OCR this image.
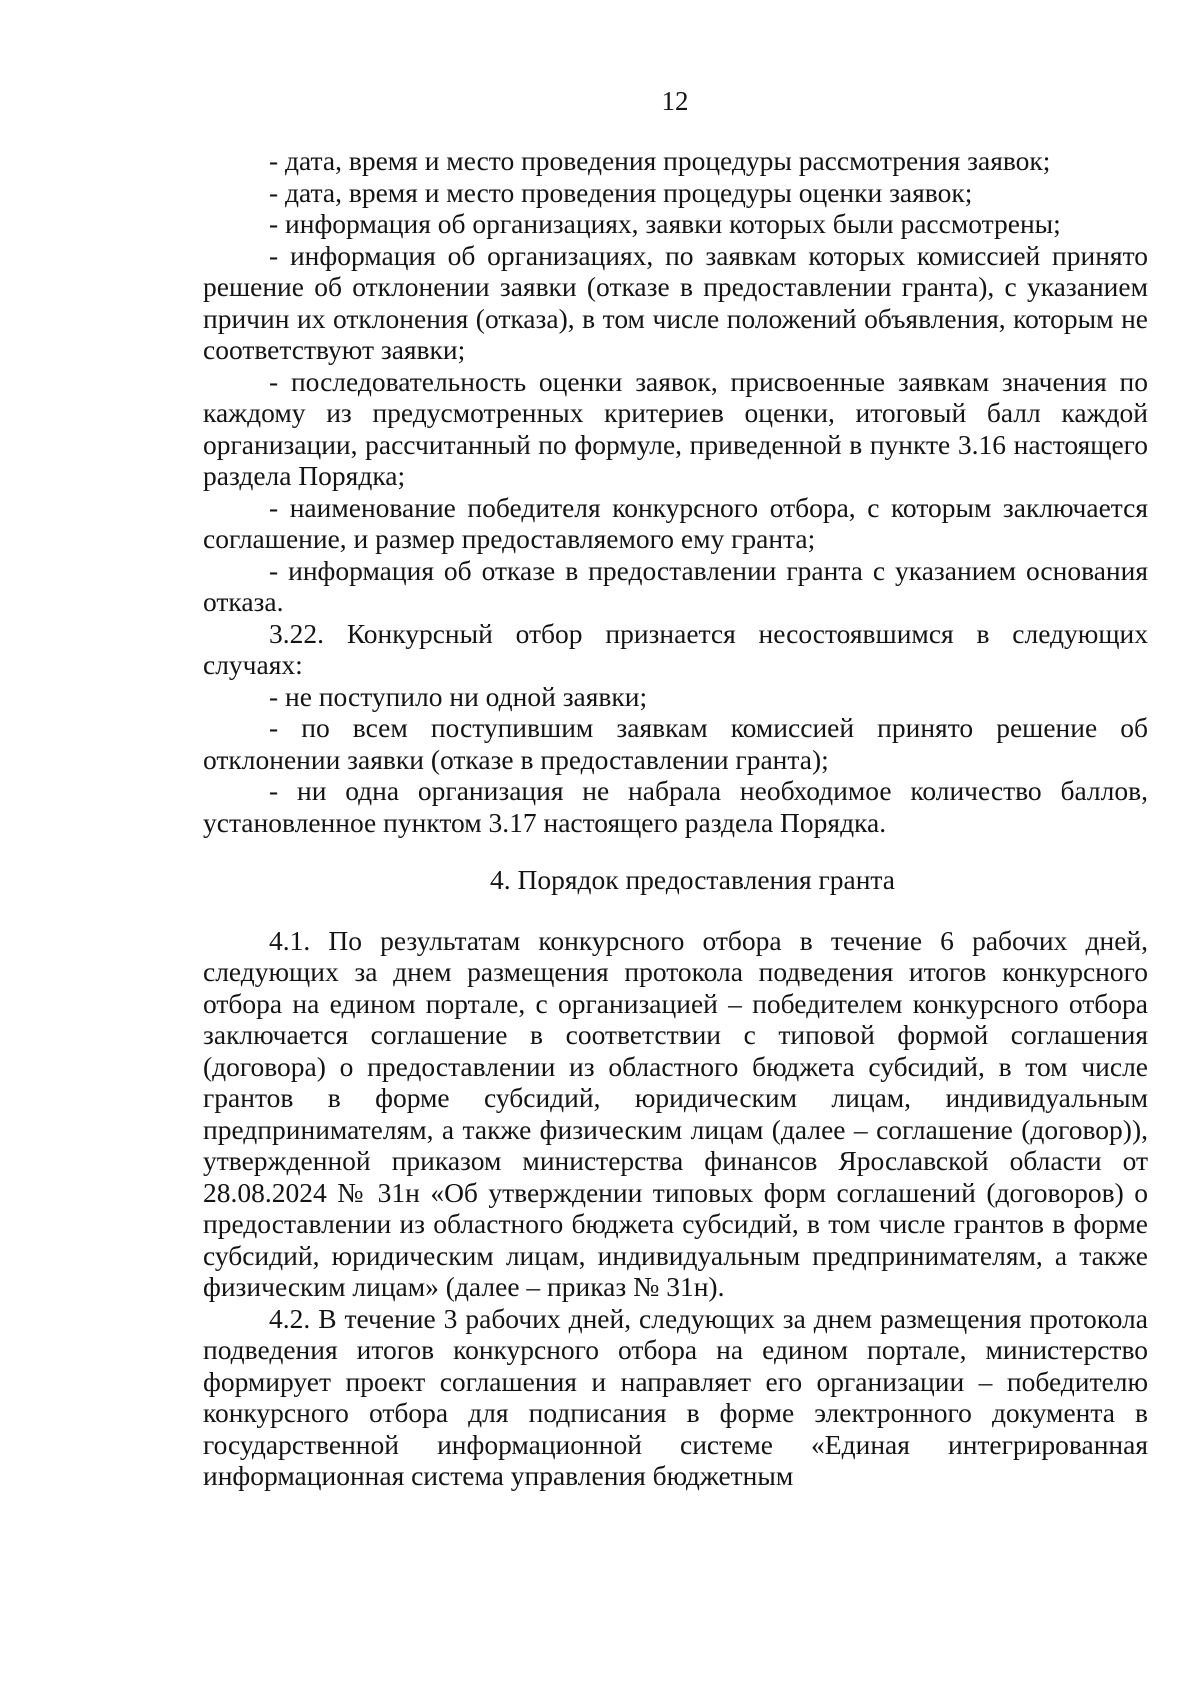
12

- дата, время и место проведения процедуры рассмотрения заявок;

- дата, время и место проведения процедуры оценки заявок;

- информация об организациях, заявки которых были рассмотрены;

- информация об организациях, по заявкам которых комиссией принято решение об отклонении заявки (отказе в предоставлении гранта), с указанием причин их отклонения (отказа), в том числе положений объявления, которым не соответствуют заявки;

- последовательность оценки заявок, присвоенные заявкам значения по каждому из предусмотренных критериев оценки, итоговый балл каждой организации, рассчитанный по формуле, приведенной в пункте 3.16 настоящего раздела Порядка;

- наименование победителя конкурсного отбора, с которым заключается соглашение, и размер предоставляемого ему гранта;

- информация об отказе в предоставлении гранта с указанием основания отказа.

3.22. Конкурсный отбор признается несостоявшимся в следующих случаях:

- не поступило ни одной заявки;

- по всем поступившим заявкам комиссией принято решение об отклонении заявки (отказе в предоставлении гранта);

- ни одна организация не набрала необходимое количество баллов, установленное пунктом 3.17 настоящего раздела Порядка.

4. Порядок предоставления гранта

4.1. По результатам конкурсного отбора в течение 6 рабочих дней, следующих за днем размещения протокола подведения итогов конкурсного отбора на едином портале, с организацией – победителем конкурсного отбора заключается соглашение в соответствии с типовой формой соглашения (договора) о предоставлении из областного бюджета субсидий, в том числе грантов в форме субсидий, юридическим лицам, индивидуальным предпринимателям, а также физическим лицам (далее – соглашение (договор)), утвержденной приказом министерства финансов Ярославской области от 28.08.2024 № 31н «Об утверждении типовых форм соглашений (договоров) о предоставлении из областного бюджета субсидий, в том числе грантов в форме субсидий, юридическим лицам, индивидуальным предпринимателям, а также физическим лицам» (далее – приказ № 31н).

4.2. В течение 3 рабочих дней, следующих за днем размещения протокола подведения итогов конкурсного отбора на едином портале, министерство формирует проект соглашения и направляет его организации – победителю конкурсного отбора для подписания в форме электронного документа в государственной информационной системе «Единая интегрированная информационная система управления бюджетным
